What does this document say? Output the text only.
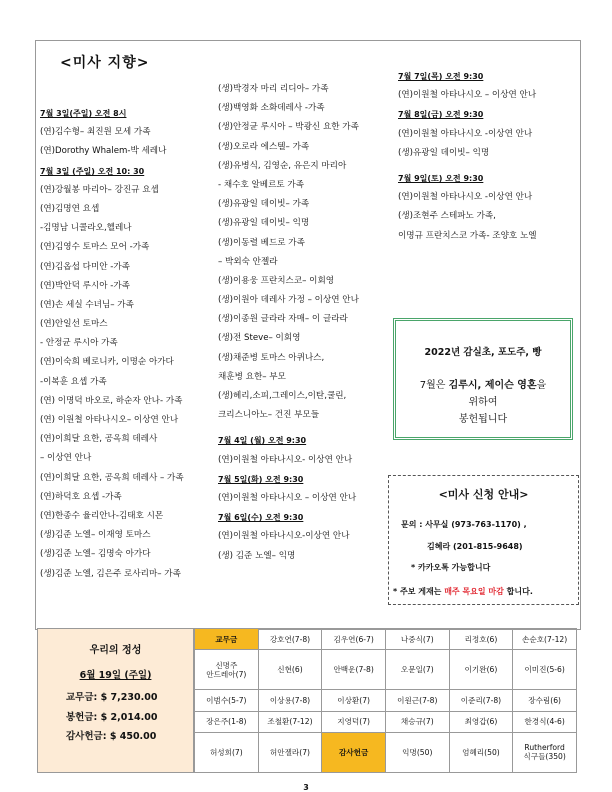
<미사 지향>
7월 3일(주일) 오전 8시
(연)김수형– 최진원 모세 가족
(연)Dorothy Whalem-박 세레나
7월 3일 (주일) 오전 10: 30
(연)강월봉 마리아– 강진규 요셉
(연)김명연 요셉
-김명남 니콜라오,헬레나
(연)김영수 토마스 모어 -가족
(연)김옵섭 다미안 -가족
(연)박안덕 루시아 -가족
(연)손 세실 수녀님– 가족
(연)안일선 토마스
- 안정균 루시아 가족
(연)이숙희 베로니카, 이명순 아가다
-이복훈 요셉 가족
(연) 이명덕 바오로, 하순자 안나- 가족
(연) 이원철 아타나시오– 이상연 안나
(연)이희달 요한, 공옥희 데레사
– 이상연 안나
(연)이희달 요한, 공옥희 데레사 – 가족
(연)하덕호 요셉 -가족
(연)한종수 율리안나-김태호 시몬
(생)김준 노엘– 이재영 토마스
(생)김준 노엘– 김명숙 아가다
(생)김준 노엘, 김은주 로사리마– 가족
(생)박경자 마리 리디아– 가족
(생)백영화 소화데레사 -가족
(생)안정균 루시아 – 박광신 요한 가족
(생)오로라 에스텔– 가족
(생)유병식, 김영순, 유은지 마리아
- 채수호 알베르토 가족
(생)유광일 데이빗– 가족
(생)유광일 데이빗– 익명
(생)이동렬 베드로 가족
– 박외숙 안젤라
(생)이용웅 프란치스코– 이회영
(생)이원아 데레사 가정 – 이상연 안나
(생)이종원 글라라 자매– 이 글라라
(생)전 Steve– 이회영
(생)채준병 토마스 아퀴나스,
채훈병 요한– 부모
(생)헤리,소피,그레이스,이탄,쿨린,
크리스니아노– 건진 부모들
7월 4일 (월) 오전 9:30
(연)이원철 아타나시오- 이상연 안나
7월 5일(화) 오전 9:30
(연)이원철 아타나시오 – 이상연 안나
7월 6일(수) 오전 9:30
(연)이원철 아타나시오-이상연 안나
(생) 김준 노엘– 익명
7월 7일(목) 오전 9:30
(연)이원철 아타나시오 – 이상연 안나
7월 8일(금) 오전 9:30
(연)이원철 아타나시오 -이상연 안나
(생)유광일 데이빗– 익명
7월 9일(토) 오전 9:30
(연)이원철 아타나시오 -이상연 안나
(생)조현주 스테파노 가족,
이명규 프란치스코 가족- 조양호 노엘
2022년 감실초, 포도주, 빵
7월은 김루시, 제이슨 영혼을
위하여
봉헌됩니다
<미사 신청 안내>
문의 : 사무실 (973-763-1170) ,
김혜라 (201-815-9648)
* 카카오톡 가능합니다
* 주보 게재는 매주 목요일 마감 합니다.
우리의 정성
6월 19일 (주일)
교무금: $ 7,230.00
봉헌금: $ 2,014.00
감사헌금: $ 450.00
교무금	강호연(7-8)	김우연(6-7)	나중식(7)	리정호(6)	손순호(7-12)
신명주
안드레아(7)	신현(6)	안백운(7-8)	오문일(7)	이기완(6)	이미진(5-6)
이범수(5-7)	이상용(7-8)	이상환(7)	이원근(7-8)	이준리(7-8)	장수림(6)
장은주(1-8)	조철환(7-12)	지영덕(7)	채승규(7)	최영갑(6)	한경식(4-6)
허성희(7)	허안젤라(7)	감사헌금	익명(50)	엄혜리(50)	Rutherford
식구들(350)
3
